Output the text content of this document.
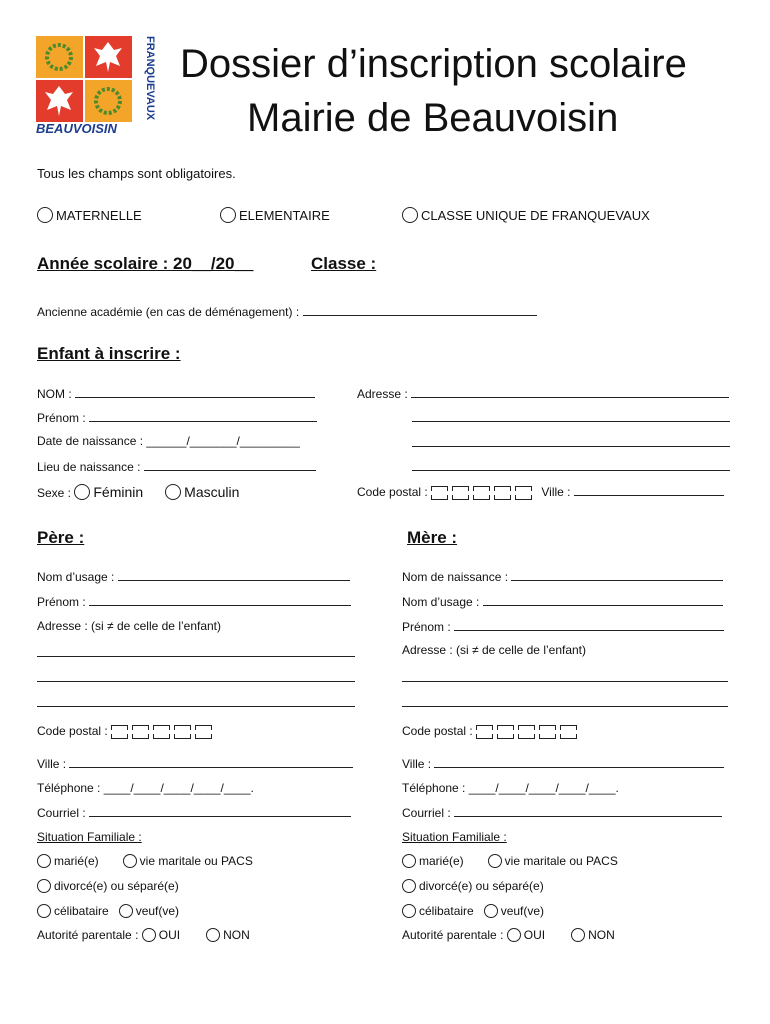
BEAUVOISIN
FRANQUEVAUX Dossier d’inscription scolaire
Mairie de Beauvoisin
Tous les champs sont obligatoires.
MATERNELLE	ELEMENTAIRE	CLASSE UNIQUE DE FRANQUEVAUX
Année scolaire : 20__/20__	Classe :
Ancienne académie (en cas de déménagement) :
Enfant à inscrire :
NOM :
Prénom :
Date de naissance : ______/_______/_________
Lieu de naissance :
Sexe : Féminin	Masculin
Adresse :
Code postal :	Ville :
Père :
Nom d’usage :
Prénom :
Adresse : (si ≠ de celle de l’enfant)
Code postal :
Ville :
Téléphone : ____/____/____/____/____.
Courriel :
Situation Familiale :
marié(e)	vie maritale ou PACS
divorcé(e) ou séparé(e)
célibataire veuf(ve)
Autorité parentale : OUI	NON
Mère :
Nom de naissance :
Nom d’usage :
Prénom :
Adresse : (si ≠ de celle de l’enfant)
Code postal :
Ville :
Téléphone : ____/____/____/____/____.
Courriel :
Situation Familiale :
marié(e)	vie maritale ou PACS
divorcé(e) ou séparé(e)
célibataire veuf(ve)
Autorité parentale : OUI	NON
